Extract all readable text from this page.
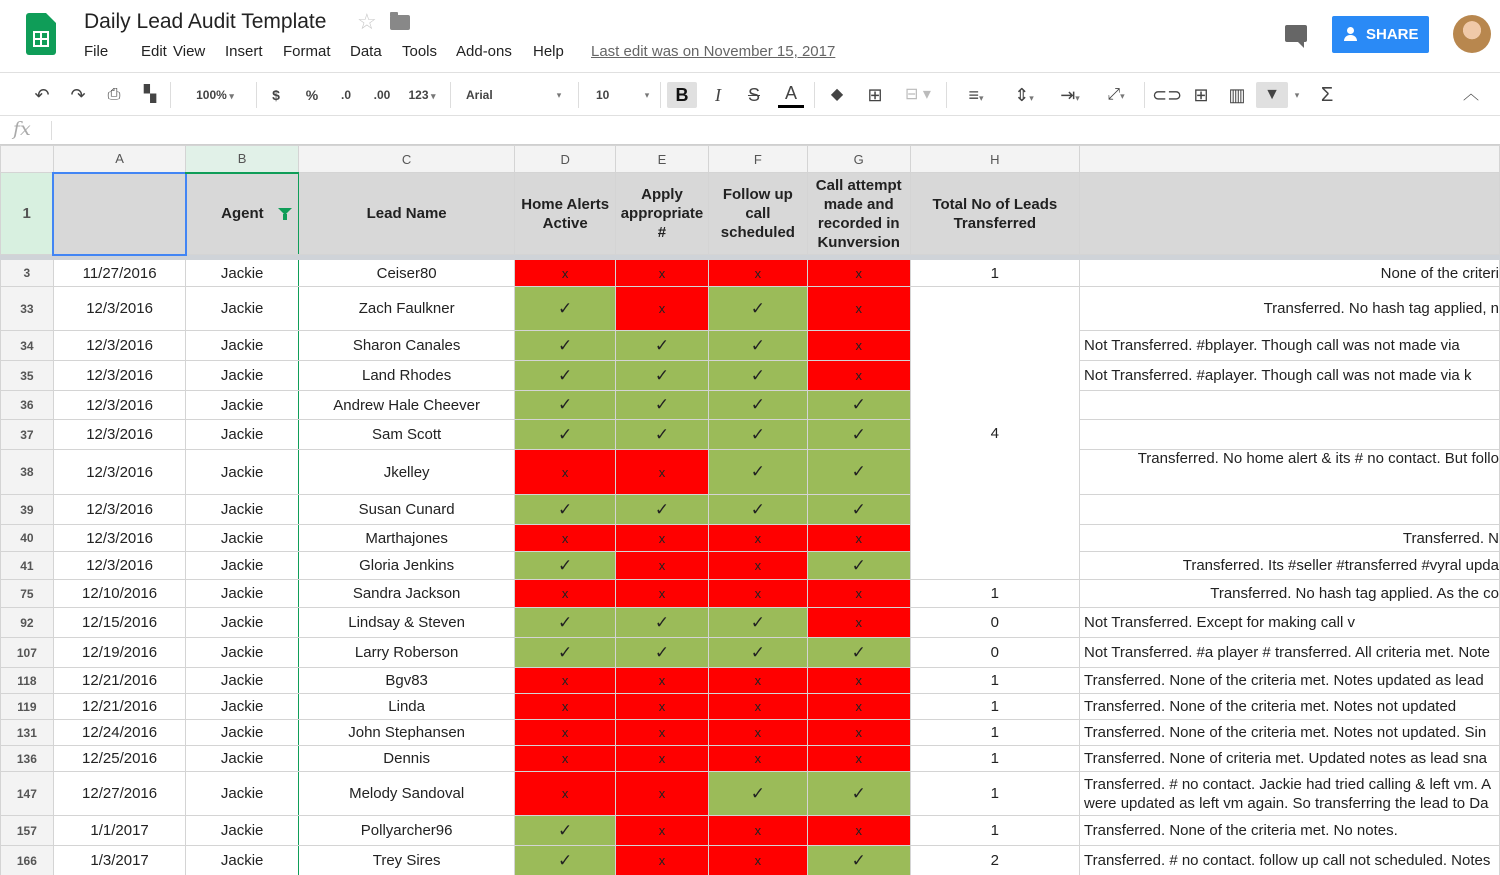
Daily Lead Audit Template ☆
File Edit View Insert Format Data Tools Add-ons Help Last edit was on November 15, 2017
SHARE
↶ ↷	⎙	▚	100% ▾	$	%	.0	.00	123 ▾	Arial	▾	10	▾	B	I	S	A	◆	⊞	⊟ ▾	≡▾	⇕▾	⇥▾	⤢▾	⊂⊃ ⊞	▥	▼	▾	Σ	︿
fx
	A	B	C	D	E	F	G	H	
1		Agent	Lead Name	Home Alerts Active	Apply appropriate #	Follow up call scheduled	Call attempt made and recorded in Kunversion	Total No of Leads Transferred	

3	11/27/2016	Jackie	Ceiser80	x	x	x	x	1	None of the criteri
33	12/3/2016	Jackie	Zach Faulkner	✓	x	✓	x	4	Transferred. No hash tag applied, n
34	12/3/2016	Jackie	Sharon Canales	✓	✓	✓	x		Not Transferred. #bplayer. Though call was not made via
35	12/3/2016	Jackie	Land Rhodes	✓	✓	✓	x		Not Transferred. #aplayer. Though call was not made via k
36	12/3/2016	Jackie	Andrew Hale Cheever	✓	✓	✓	✓		
37	12/3/2016	Jackie	Sam Scott	✓	✓	✓	✓		
38	12/3/2016	Jackie	Jkelley	x	x	✓	✓		Transferred. No home alert & its # no contact. But follo
39	12/3/2016	Jackie	Susan Cunard	✓	✓	✓	✓		
40	12/3/2016	Jackie	Marthajones	x	x	x	x		Transferred. N
41	12/3/2016	Jackie	Gloria Jenkins	✓	x	x	✓		Transferred. Its #seller #transferred #vyral upda
75	12/10/2016	Jackie	Sandra Jackson	x	x	x	x	1	Transferred. No hash tag applied. As the co
92	12/15/2016	Jackie	Lindsay & Steven	✓	✓	✓	x	0	Not Transferred. Except for making call v
107	12/19/2016	Jackie	Larry Roberson	✓	✓	✓	✓	0	Not Transferred. #a player # transferred. All criteria met. Note
118	12/21/2016	Jackie	Bgv83	x	x	x	x	1	Transferred. None of the criteria met. Notes updated as lead
119	12/21/2016	Jackie	Linda	x	x	x	x	1	Transferred. None of the criteria met. Notes not updated
131	12/24/2016	Jackie	John Stephansen	x	x	x	x	1	Transferred. None of the criteria met. Notes not updated. Sin
136	12/25/2016	Jackie	Dennis	x	x	x	x	1	Transferred. None of criteria met. Updated notes as lead sna
147	12/27/2016	Jackie	Melody Sandoval	x	x	✓	✓	1	Transferred. # no contact. Jackie had tried calling & left vm. A were updated as left vm again. So transferring the lead to Da
157	1/1/2017	Jackie	Pollyarcher96	✓	x	x	x	1	Transferred. None of the criteria met. No notes.
166	1/3/2017	Jackie	Trey Sires	✓	x	x	✓	2	Transferred. # no contact. follow up call not scheduled. Notes
